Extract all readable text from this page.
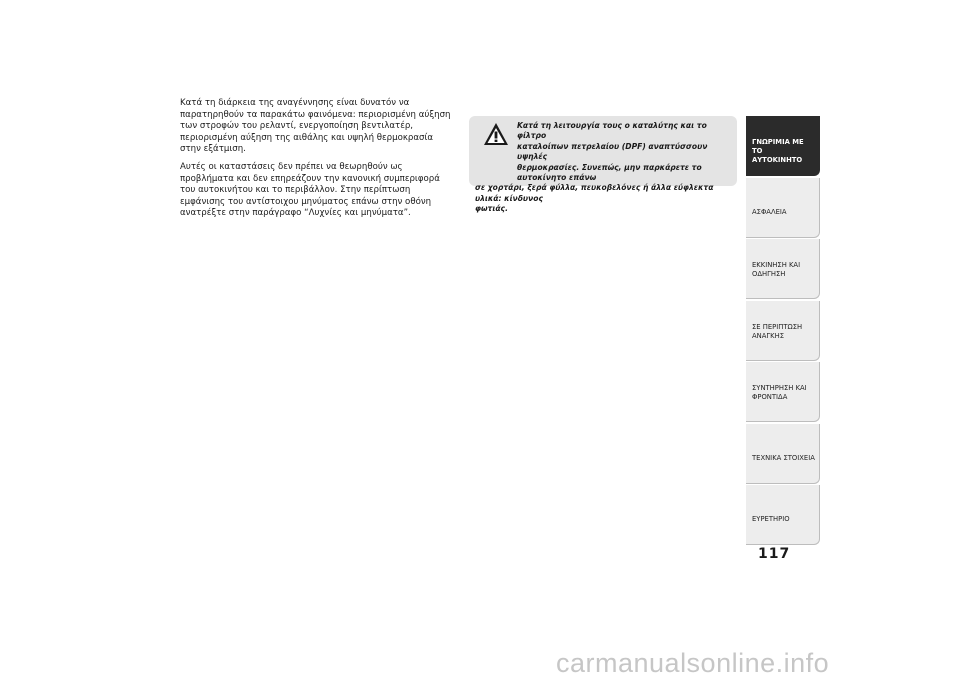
Κατά τη διάρκεια της αναγέννησης είναι δυνατόν να παρατηρηθούν τα παρακάτω φαινόμενα: περιορισμένη αύξηση των στροφών του ρελαντί, ενεργοποίηση βεντιλατέρ, περιορισμένη αύξηση της αιθάλης και υψηλή θερμοκρασία στην εξάτμιση.

Αυτές οι καταστάσεις δεν πρέπει να θεωρηθούν ως προβλήματα και δεν επηρεάζουν την κανονική συμπεριφορά του αυτοκινήτου και το περιβάλλον. Στην περίπτωση εμφάνισης του αντίστοιχου μηνύματος επάνω στην οθόνη ανατρέξτε στην παράγραφο “Λυχνίες και μηνύματα”.

Κατά τη λειτουργία τους ο καταλύτης και το φίλτρο
καταλοίπων πετρελαίου (DPF) αναπτύσσουν υψηλές
θερμοκρασίες. Συνεπώς, μην παρκάρετε το αυτοκίνητο επάνω
σε χορτάρι, ξερά φύλλα, πευκοβελόνες ή άλλα εύφλεκτα υλικά: κίνδυνος
φωτιάς.
ΓΝΩΡΙΜΙΑ ΜΕ ΤΟ
ΑΥΤΟΚΙΝΗΤΟ
ΑΣΦΑΛΕΙΑ
ΕΚΚΙΝΗΣΗ ΚΑΙ
ΟΔΗΓΗΣΗ
ΣΕ ΠΕΡΙΠΤΩΣΗ
ΑΝΑΓΚΗΣ
ΣΥΝΤΗΡΗΣΗ ΚΑΙ
ΦΡΟΝΤΙΔΑ
ΤΕΧΝΙΚΑ ΣΤΟΙΧΕΙΑ
ΕΥΡΕΤΗΡΙΟ
117
carmanualsonline.info
